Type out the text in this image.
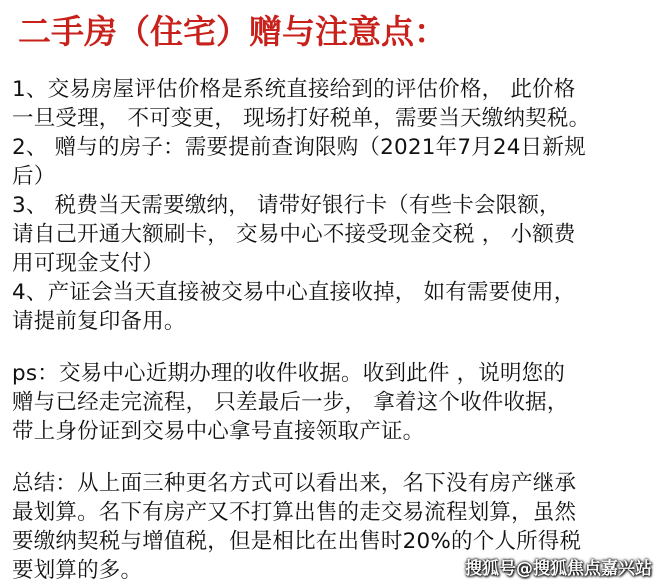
二手房（住宅）赠与注意点：
1、交易房屋评估价格是系统直接给到的评估价格， 此价格
一旦受理， 不可变更， 现场打好税单，需要当天缴纳契税。
2、 赠与的房子：需要提前查询限购（2021年7月24日新规
后）
3、 税费当天需要缴纳， 请带好银行卡（有些卡会限额，
请自己开通大额刷卡， 交易中心不接受现金交税 ， 小额费
用可现金支付）
4、产证会当天直接被交易中心直接收掉， 如有需要使用，
请提前复印备用。
ps：交易中心近期办理的收件收据。收到此件 ，说明您的
赠与已经走完流程， 只差最后一步， 拿着这个收件收据，
带上身份证到交易中心拿号直接领取产证。
总结：从上面三种更名方式可以看出来，名下没有房产继承
最划算。名下有房产又不打算出售的走交易流程划算，虽然
要缴纳契税与增值税，但是相比在出售时20%的个人所得税
要划算的多。	搜狐号@搜狐焦点嘉兴站
